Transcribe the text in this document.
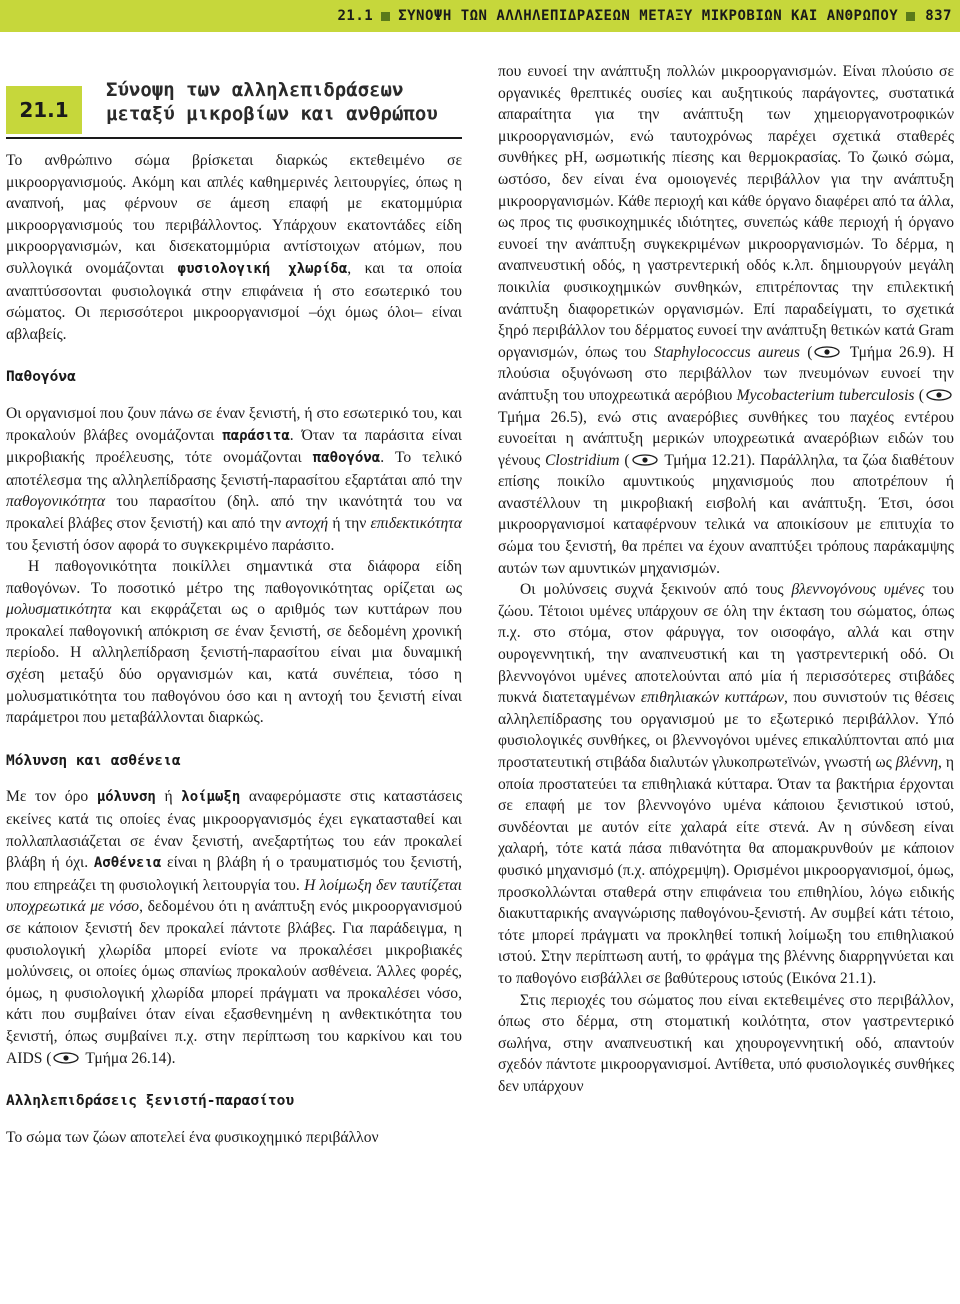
21.1 ΣΥΝΟΨΗ ΤΩΝ ΑΛΛΗΛΕΠΙΔΡΑΣΕΩΝ ΜΕΤΑΞΥ ΜΙΚΡΟΒΙΩΝ ΚΑΙ ΑΝΘΡΩΠΟΥ 837
21.1
Σύνοψη των αλληλεπιδράσεων μεταξύ μικροβίων και ανθρώπου

Το ανθρώπινο σώμα βρίσκεται διαρκώς εκτεθειμένο σε μικροοργανισμούς. Ακόμη και απλές καθημερινές λειτουργίες, όπως η αναπνοή, μας φέρνουν σε άμεση επαφή με εκατομμύρια μικροοργανισμούς του περιβάλλοντος. Υπάρχουν εκατοντάδες είδη μικροοργανισμών, και δισεκατομμύρια αντίστοιχων ατόμων, που συλλογικά ονομάζονται φυσιολογική χλωρίδα, και τα οποία αναπτύσσονται φυσιολογικά στην επιφάνεια ή στο εσωτερικό του σώματος. Οι περισσότεροι μικροοργανισμοί –όχι όμως όλοι– είναι αβλαβείς.

Παθογόνα

Οι οργανισμοί που ζουν πάνω σε έναν ξενιστή, ή στο εσωτερικό του, και προκαλούν βλάβες ονομάζονται παράσιτα. Όταν τα παράσιτα είναι μικροβιακής προέλευσης, τότε ονομάζονται παθογόνα. Το τελικό αποτέλεσμα της αλληλεπίδρασης ξενιστή-παρασίτου εξαρτάται από την παθογονικότητα του παρασίτου (δηλ. από την ικανότητά του να προκαλεί βλάβες στον ξενιστή) και από την αντοχή ή την επιδεκτικότητα του ξενιστή όσον αφορά το συγκεκριμένο παράσιτο.

Η παθογονικότητα ποικίλλει σημαντικά στα διάφορα είδη παθογόνων. Το ποσοτικό μέτρο της παθογονικότητας ορίζεται ως μολυσματικότητα και εκφράζεται ως ο αριθμός των κυττάρων που προκαλεί παθογονική απόκριση σε έναν ξενιστή, σε δεδομένη χρονική περίοδο. Η αλληλεπίδραση ξενιστή-παρασίτου είναι μια δυναμική σχέση μεταξύ δύο οργανισμών και, κατά συνέπεια, τόσο η μολυσματικότητα του παθογόνου όσο και η αντοχή του ξενιστή είναι παράμετροι που μεταβάλλονται διαρκώς.

Μόλυνση και ασθένεια

Με τον όρο μόλυνση ή λοίμωξη αναφερόμαστε στις καταστάσεις εκείνες κατά τις οποίες ένας μικροοργανισμός έχει εγκατασταθεί και πολλαπλασιάζεται σε έναν ξενιστή, ανεξαρτήτως του εάν προκαλεί βλάβη ή όχι. Ασθένεια είναι η βλάβη ή ο τραυματισμός του ξενιστή, που επηρεάζει τη φυσιολογική λειτουργία του. Η λοίμωξη δεν ταυτίζεται υποχρεωτικά με νόσο, δεδομένου ότι η ανάπτυξη ενός μικροοργανισμού σε κάποιον ξενιστή δεν προκαλεί πάντοτε βλάβες. Για παράδειγμα, η φυσιολογική χλωρίδα μπορεί ενίοτε να προκαλέσει μικροβιακές μολύνσεις, οι οποίες όμως σπανίως προκαλούν ασθένεια. Άλλες φορές, όμως, η φυσιολογική χλωρίδα μπορεί πράγματι να προκαλέσει νόσο, κάτι που συμβαίνει όταν είναι εξασθενημένη η ανθεκτικότητα του ξενιστή, όπως συμβαίνει π.χ. στην περίπτωση του καρκίνου και του AIDS ( Τμήμα 26.14).

Αλληλεπιδράσεις ξενιστή-παρασίτου

Το σώμα των ζώων αποτελεί ένα φυσικοχημικό περιβάλλον

που ευνοεί την ανάπτυξη πολλών μικροοργανισμών. Είναι πλούσιο σε οργανικές θρεπτικές ουσίες και αυξητικούς παράγοντες, συστατικά απαραίτητα για την ανάπτυξη των χημειοργανοτροφικών μικροοργανισμών, ενώ ταυτοχρόνως παρέχει σχετικά σταθερές συνθήκες pH, ωσμωτικής πίεσης και θερμοκρασίας. Το ζωικό σώμα, ωστόσο, δεν είναι ένα ομοιογενές περιβάλλον για την ανάπτυξη μικροοργανισμών. Κάθε περιοχή και κάθε όργανο διαφέρει από τα άλλα, ως προς τις φυσικοχημικές ιδιότητες, συνεπώς κάθε περιοχή ή όργανο ευνοεί την ανάπτυξη συγκεκριμένων μικροοργανισμών. Το δέρμα, η αναπνευστική οδός, η γαστρεντερική οδός κ.λπ. δημιουργούν μεγάλη ποικιλία φυσικοχημικών συνθηκών, επιτρέποντας την επιλεκτική ανάπτυξη διαφορετικών οργανισμών. Επί παραδείγματι, το σχετικά ξηρό περιβάλλον του δέρματος ευνοεί την ανάπτυξη θετικών κατά Gram οργανισμών, όπως του Staphylococcus aureus ( Τμήμα 26.9). Η πλούσια οξυγόνωση στο περιβάλλον των πνευμόνων ευνοεί την ανάπτυξη του υποχρεωτικά αερόβιου Mycobacterium tuberculosis ( Τμήμα 26.5), ενώ στις αναερόβιες συνθήκες του παχέος εντέρου ευνοείται η ανάπτυξη μερικών υποχρεωτικά αναερόβιων ειδών του γένους Clostridium ( Τμήμα 12.21). Παράλληλα, τα ζώα διαθέτουν επίσης ποικίλο αμυντικούς μηχανισμούς που αποτρέπουν ή αναστέλλουν τη μικροβιακή εισβολή και ανάπτυξη. Έτσι, όσοι μικροοργανισμοί καταφέρνουν τελικά να αποικίσουν με επιτυχία το σώμα του ξενιστή, θα πρέπει να έχουν αναπτύξει τρόπους παράκαμψης αυτών των αμυντικών μηχανισμών.

Οι μολύνσεις συχνά ξεκινούν από τους βλεννογόνους υμένες του ζώου. Τέτοιοι υμένες υπάρχουν σε όλη την έκταση του σώματος, όπως π.χ. στο στόμα, στον φάρυγγα, τον οισοφάγο, αλλά και στην ουρογεννητική, την αναπνευστική και τη γαστρεντερική οδό. Οι βλεννογόνοι υμένες αποτελούνται από μία ή περισσότερες στιβάδες πυκνά διατεταγμένων επιθηλιακών κυττάρων, που συνιστούν τις θέσεις αλληλεπίδρασης του οργανισμού με το εξωτερικό περιβάλλον. Υπό φυσιολογικές συνθήκες, οι βλεννογόνοι υμένες επικαλύπτονται από μια προστατευτική στιβάδα διαλυτών γλυκοπρωτεϊνών, γνωστή ως βλέννη, η οποία προστατεύει τα επιθηλιακά κύτταρα. Όταν τα βακτήρια έρχονται σε επαφή με τον βλεννογόνο υμένα κάποιου ξενιστικού ιστού, συνδέονται με αυτόν είτε χαλαρά είτε στενά. Αν η σύνδεση είναι χαλαρή, τότε κατά πάσα πιθανότητα θα απομακρυνθούν με κάποιον φυσικό μηχανισμό (π.χ. απόχρεμψη). Ορισμένοι μικροοργανισμοί, όμως, προσκολλώνται σταθερά στην επιφάνεια του επιθηλίου, λόγω ειδικής διακυτταρικής αναγνώρισης παθογόνου-ξενιστή. Αν συμβεί κάτι τέτοιο, τότε μπορεί πράγματι να προκληθεί τοπική λοίμωξη του επιθηλιακού ιστού. Στην περίπτωση αυτή, το φράγμα της βλέννης διαρρηγνύεται και το παθογόνο εισβάλλει σε βαθύτερους ιστούς (Εικόνα 21.1).

Στις περιοχές του σώματος που είναι εκτεθειμένες στο περιβάλλον, όπως στο δέρμα, στη στοματική κοιλότητα, στον γαστρεντερικό σωλήνα, στην αναπνευστική και χηουρογεννητική οδό, απαντούν σχεδόν πάντοτε μικροοργανισμοί. Αντίθετα, υπό φυσιολογικές συνθήκες δεν υπάρχουν
